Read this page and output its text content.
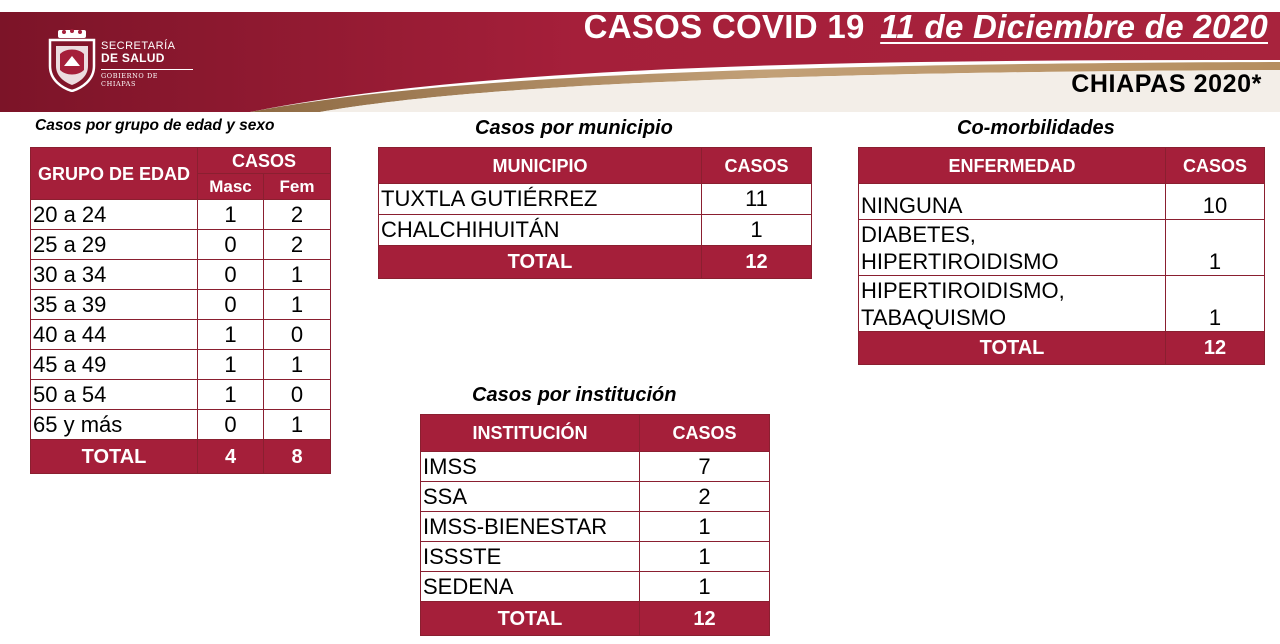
SECRETARÍA
DE SALUD
GOBIERNO DE CHIAPAS
CASOS COVID 19 11 de Diciembre de 2020
CHIAPAS 2020*
Casos por grupo de edad y sexo
GRUPO DE EDAD	CASOS	
	Masc	Fem
20 a 24	1	2
25 a 29	0	2
30 a 34	0	1
35 a 39	0	1
40 a 44	1	0
45 a 49	1	1
50 a 54	1	0
65 y más	0	1
TOTAL	4	8
Casos por municipio
MUNICIPIO	CASOS
TUXTLA GUTIÉRREZ	11
CHALCHIHUITÁN	1
TOTAL	12
Co-morbilidades
ENFERMEDAD	CASOS
NINGUNA	10

DIABETES,
HIPERTIROIDISMO	1

HIPERTIROIDISMO,
TABAQUISMO	1
TOTAL	12
Casos por institución
INSTITUCIÓN	CASOS
IMSS	7
SSA	2
IMSS-BIENESTAR	1
ISSSTE	1
SEDENA	1
TOTAL	12
